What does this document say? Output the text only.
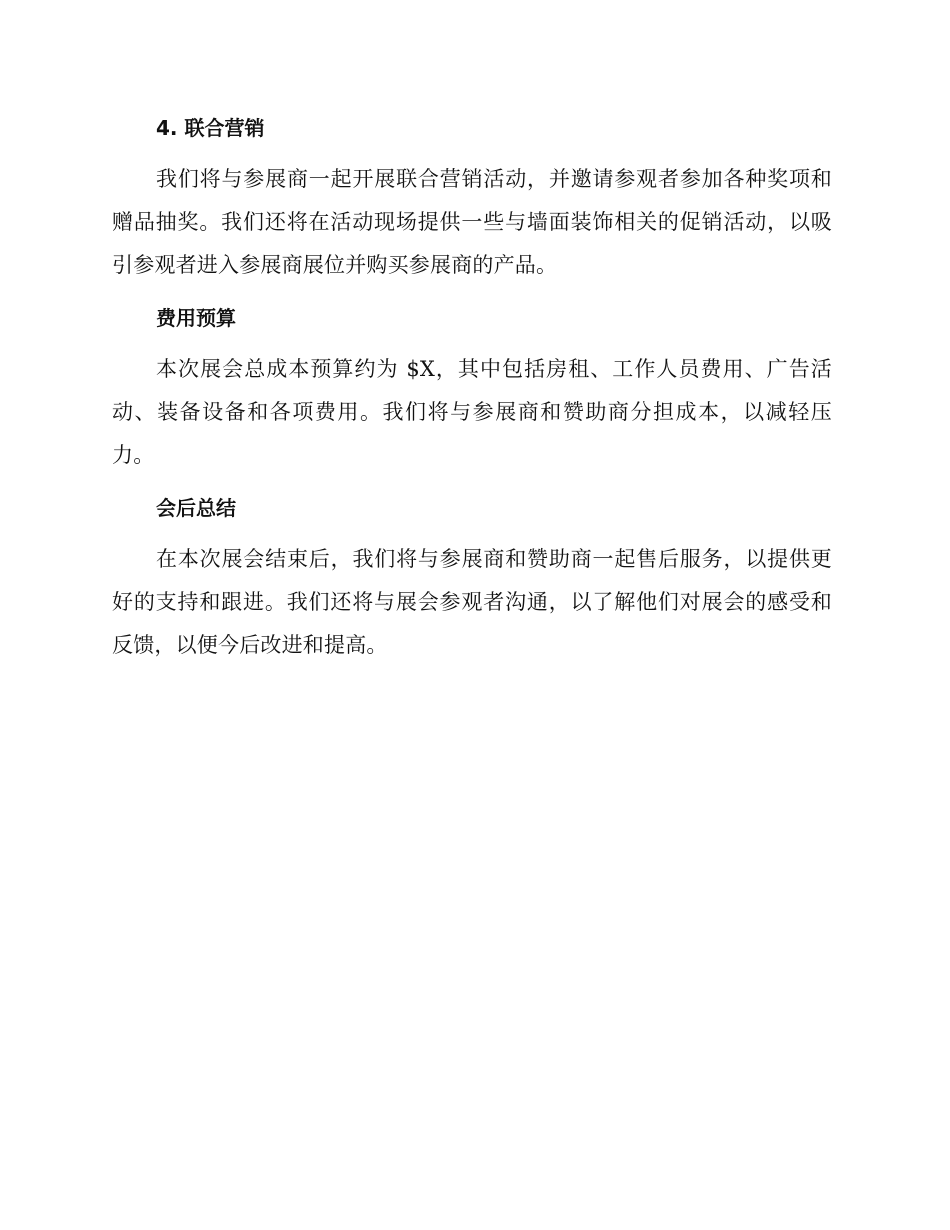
4. 联合营销

我们将与参展商一起开展联合营销活动，并邀请参观者参加各种奖项和赠品抽奖。我们还将在活动现场提供一些与墙面装饰相关的促销活动，以吸引参观者进入参展商展位并购买参展商的产品。

费用预算

本次展会总成本预算约为 $X，其中包括房租、工作人员费用、广告活动、装备设备和各项费用。我们将与参展商和赞助商分担成本，以减轻压力。

会后总结

在本次展会结束后，我们将与参展商和赞助商一起售后服务，以提供更好的支持和跟进。我们还将与展会参观者沟通，以了解他们对展会的感受和反馈，以便今后改进和提高。
